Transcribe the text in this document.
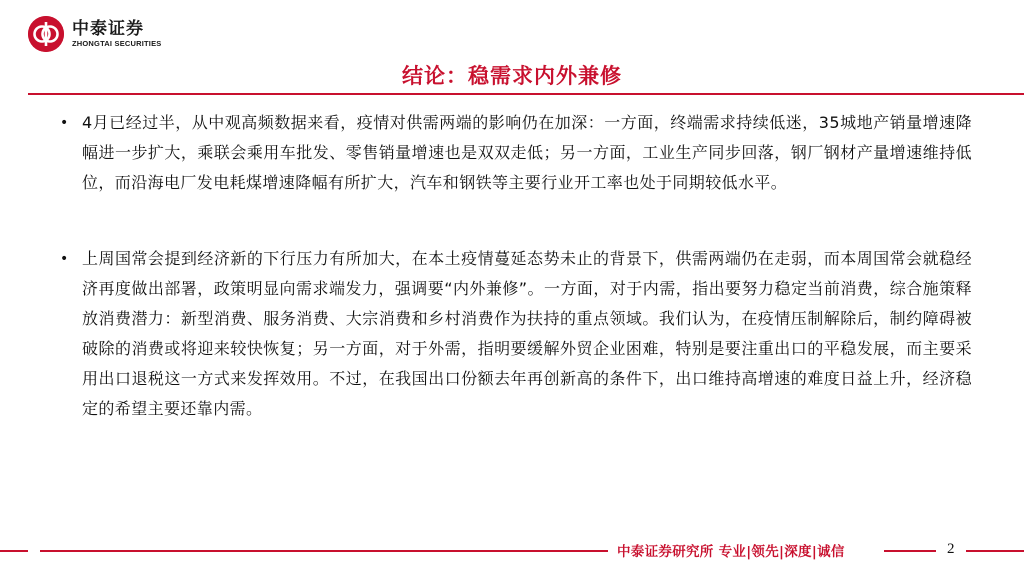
中泰证券
ZHONGTAI SECURITIES
结论：稳需求内外兼修
• 4月已经过半，从中观高频数据来看，疫情对供需两端的影响仍在加深：一方面，终端需求持续低迷，35城地产销量增速降幅进一步扩大，乘联会乘用车批发、零售销量增速也是双双走低；另一方面，工业生产同步回落，钢厂钢材产量增速维持低位，而沿海电厂发电耗煤增速降幅有所扩大，汽车和钢铁等主要行业开工率也处于同期较低水平。
• 上周国常会提到经济新的下行压力有所加大，在本土疫情蔓延态势未止的背景下，供需两端仍在走弱，而本周国常会就稳经济再度做出部署，政策明显向需求端发力，强调要“内外兼修”。一方面，对于内需，指出要努力稳定当前消费，综合施策释放消费潜力：新型消费、服务消费、大宗消费和乡村消费作为扶持的重点领域。我们认为，在疫情压制解除后，制约障碍被破除的消费或将迎来较快恢复；另一方面，对于外需，指明要缓解外贸企业困难，特别是要注重出口的平稳发展，而主要采用出口退税这一方式来发挥效用。不过，在我国出口份额去年再创新高的条件下，出口维持高增速的难度日益上升，经济稳定的希望主要还靠内需。
中泰证券研究所 专业|领先|深度|诚信	2
